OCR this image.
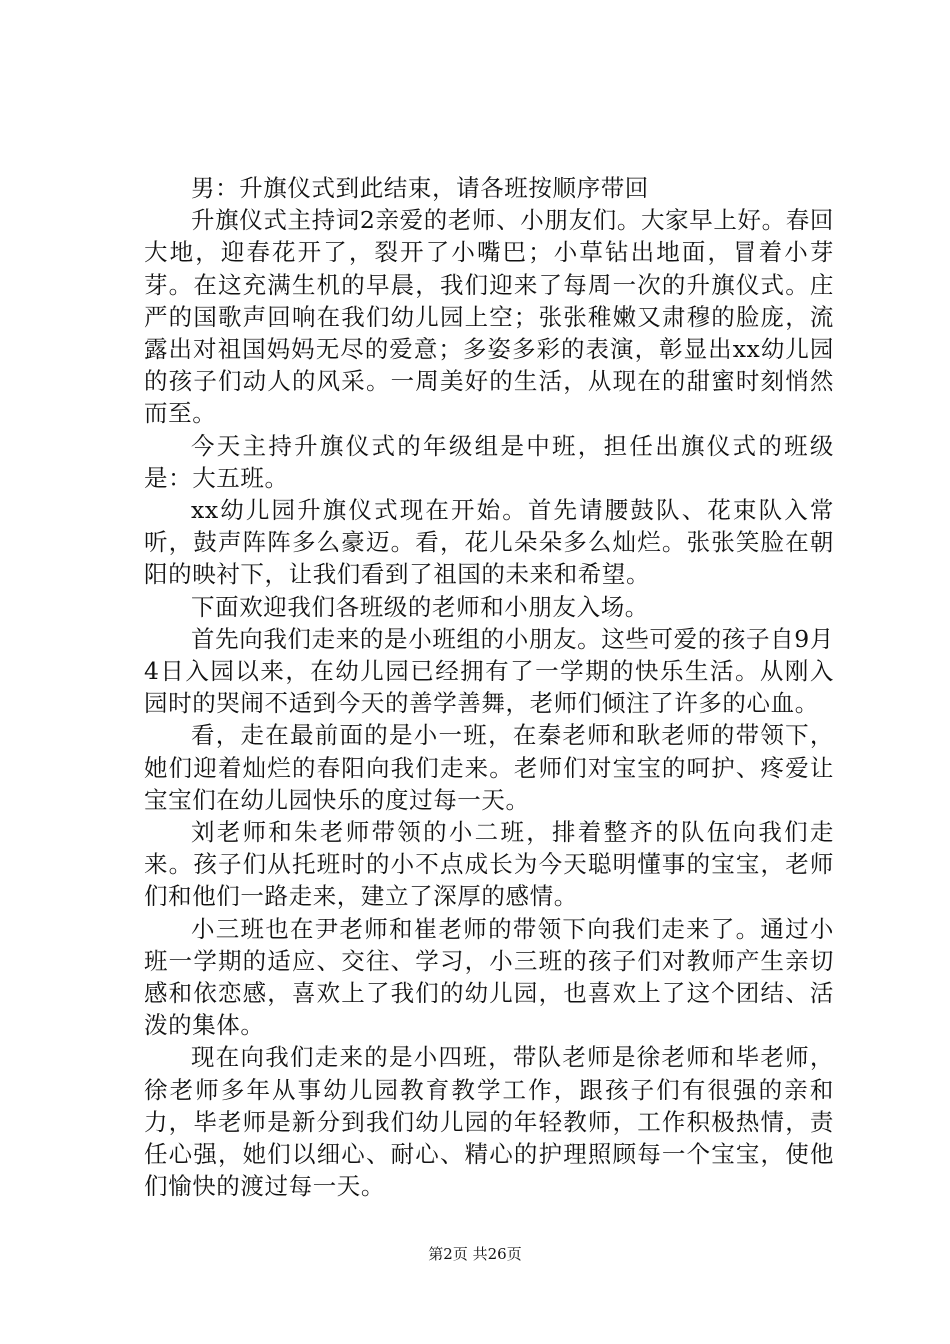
男：升旗仪式到此结束，请各班按顺序带回

升旗仪式主持词2亲爱的老师、小朋友们。大家早上好。春回大地，迎春花开了，裂开了小嘴巴；小草钻出地面，冒着小芽芽。在这充满生机的早晨，我们迎来了每周一次的升旗仪式。庄严的国歌声回响在我们幼儿园上空；张张稚嫩又肃穆的脸庞，流露出对祖国妈妈无尽的爱意；多姿多彩的表演，彰显出xx幼儿园的孩子们动人的风采。一周美好的生活，从现在的甜蜜时刻悄然而至。

今天主持升旗仪式的年级组是中班，担任出旗仪式的班级是：大五班。

xx幼儿园升旗仪式现在开始。首先请腰鼓队、花束队入常听，鼓声阵阵多么豪迈。看，花儿朵朵多么灿烂。张张笑脸在朝阳的映衬下，让我们看到了祖国的未来和希望。

下面欢迎我们各班级的老师和小朋友入场。

首先向我们走来的是小班组的小朋友。这些可爱的孩子自9月4日入园以来，在幼儿园已经拥有了一学期的快乐生活。从刚入园时的哭闹不适到今天的善学善舞，老师们倾注了许多的心血。

看，走在最前面的是小一班，在秦老师和耿老师的带领下，她们迎着灿烂的春阳向我们走来。老师们对宝宝的呵护、疼爱让宝宝们在幼儿园快乐的度过每一天。

刘老师和朱老师带领的小二班，排着整齐的队伍向我们走来。孩子们从托班时的小不点成长为今天聪明懂事的宝宝，老师们和他们一路走来，建立了深厚的感情。

小三班也在尹老师和崔老师的带领下向我们走来了。通过小班一学期的适应、交往、学习，小三班的孩子们对教师产生亲切感和依恋感，喜欢上了我们的幼儿园，也喜欢上了这个团结、活泼的集体。

现在向我们走来的是小四班，带队老师是徐老师和毕老师，徐老师多年从事幼儿园教育教学工作，跟孩子们有很强的亲和力，毕老师是新分到我们幼儿园的年轻教师，工作积极热情，责任心强，她们以细心、耐心、精心的护理照顾每一个宝宝，使他们愉快的渡过每一天。

第2页 共26页
